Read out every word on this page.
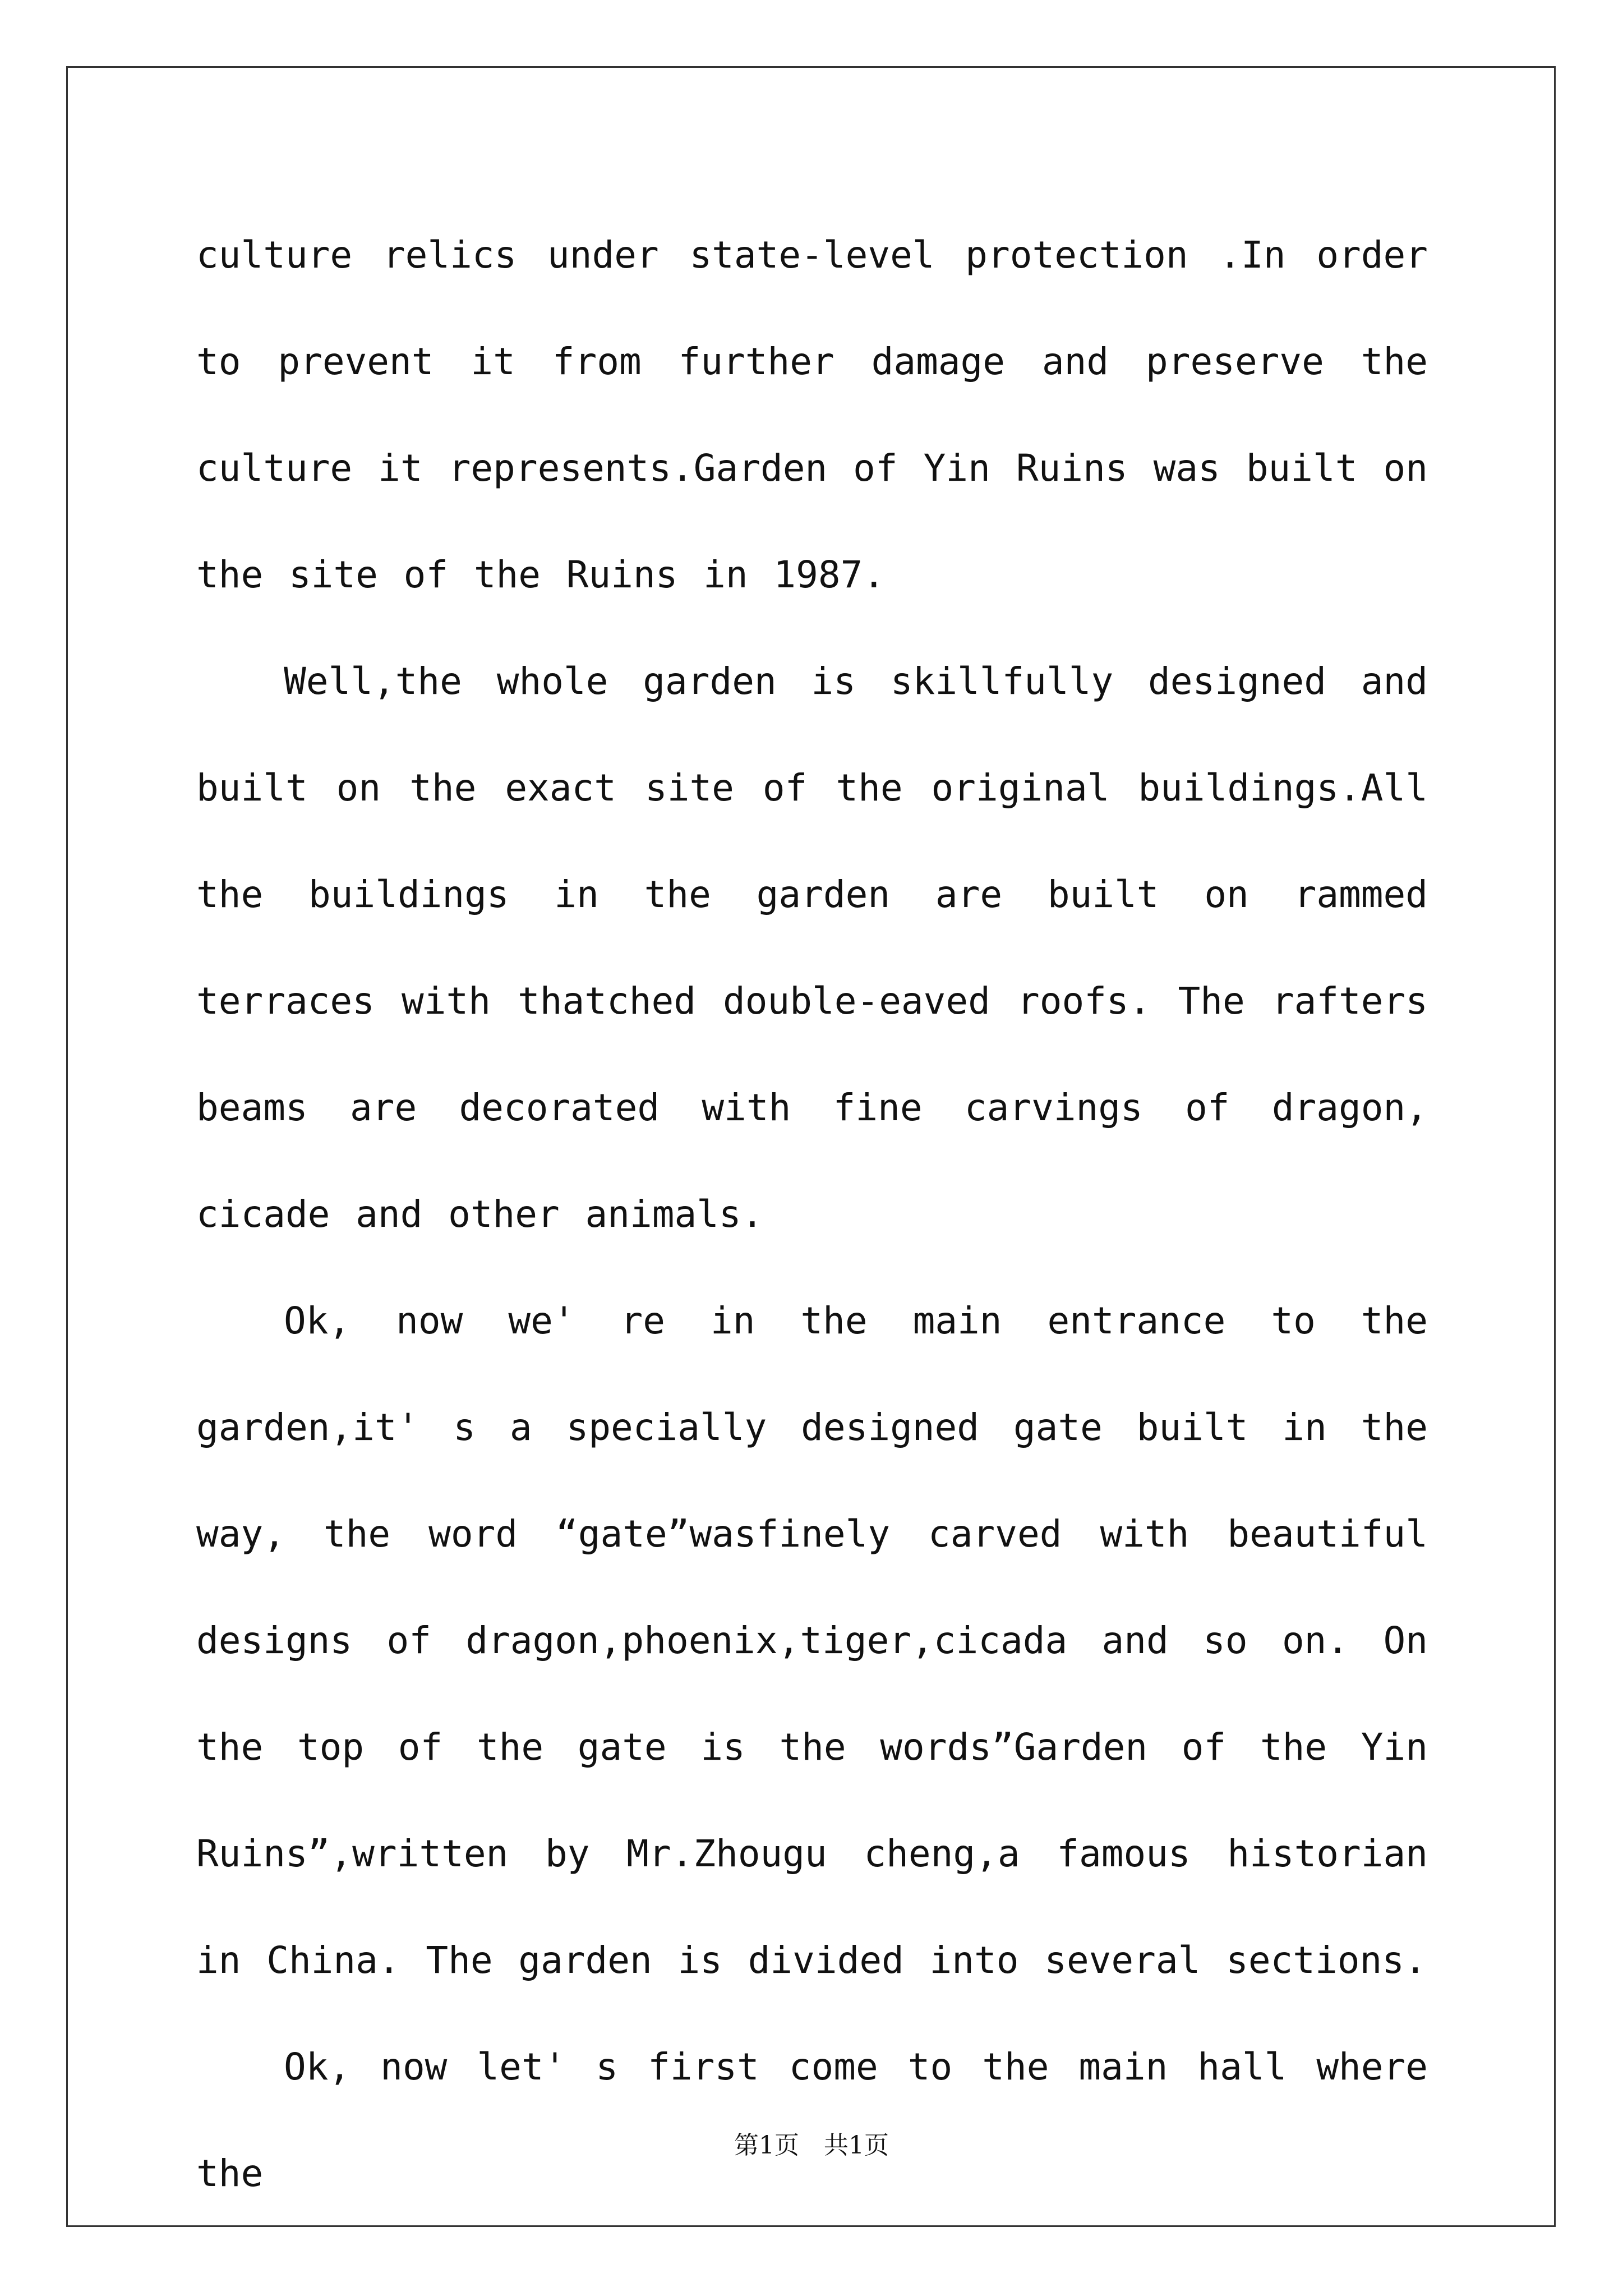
culture relics under state-level protection .In order to prevent it from further damage and preserve the culture it represents.Garden of Yin Ruins was built on the site of the Ruins in 1987.

Well,the whole garden is skillfully designed and built on the exact site of the original buildings.All the buildings in the garden are built on rammed terraces with thatched double-eaved roofs. The rafters beams are decorated with fine carvings of dragon, cicade and other animals.

Ok, now we' re in the main entrance to the garden,it' s a specially designed gate built in the way, the word “gate”wasfinely carved with beautiful designs of dragon,phoenix,tiger,cicada and so on. On the top of the gate is the words”Garden of the Yin Ruins”,written by Mr.Zhougu cheng,a famous historian in China. The garden is divided into several sections.

Ok, now let' s first come to the main hall where the

第1页　共1页
